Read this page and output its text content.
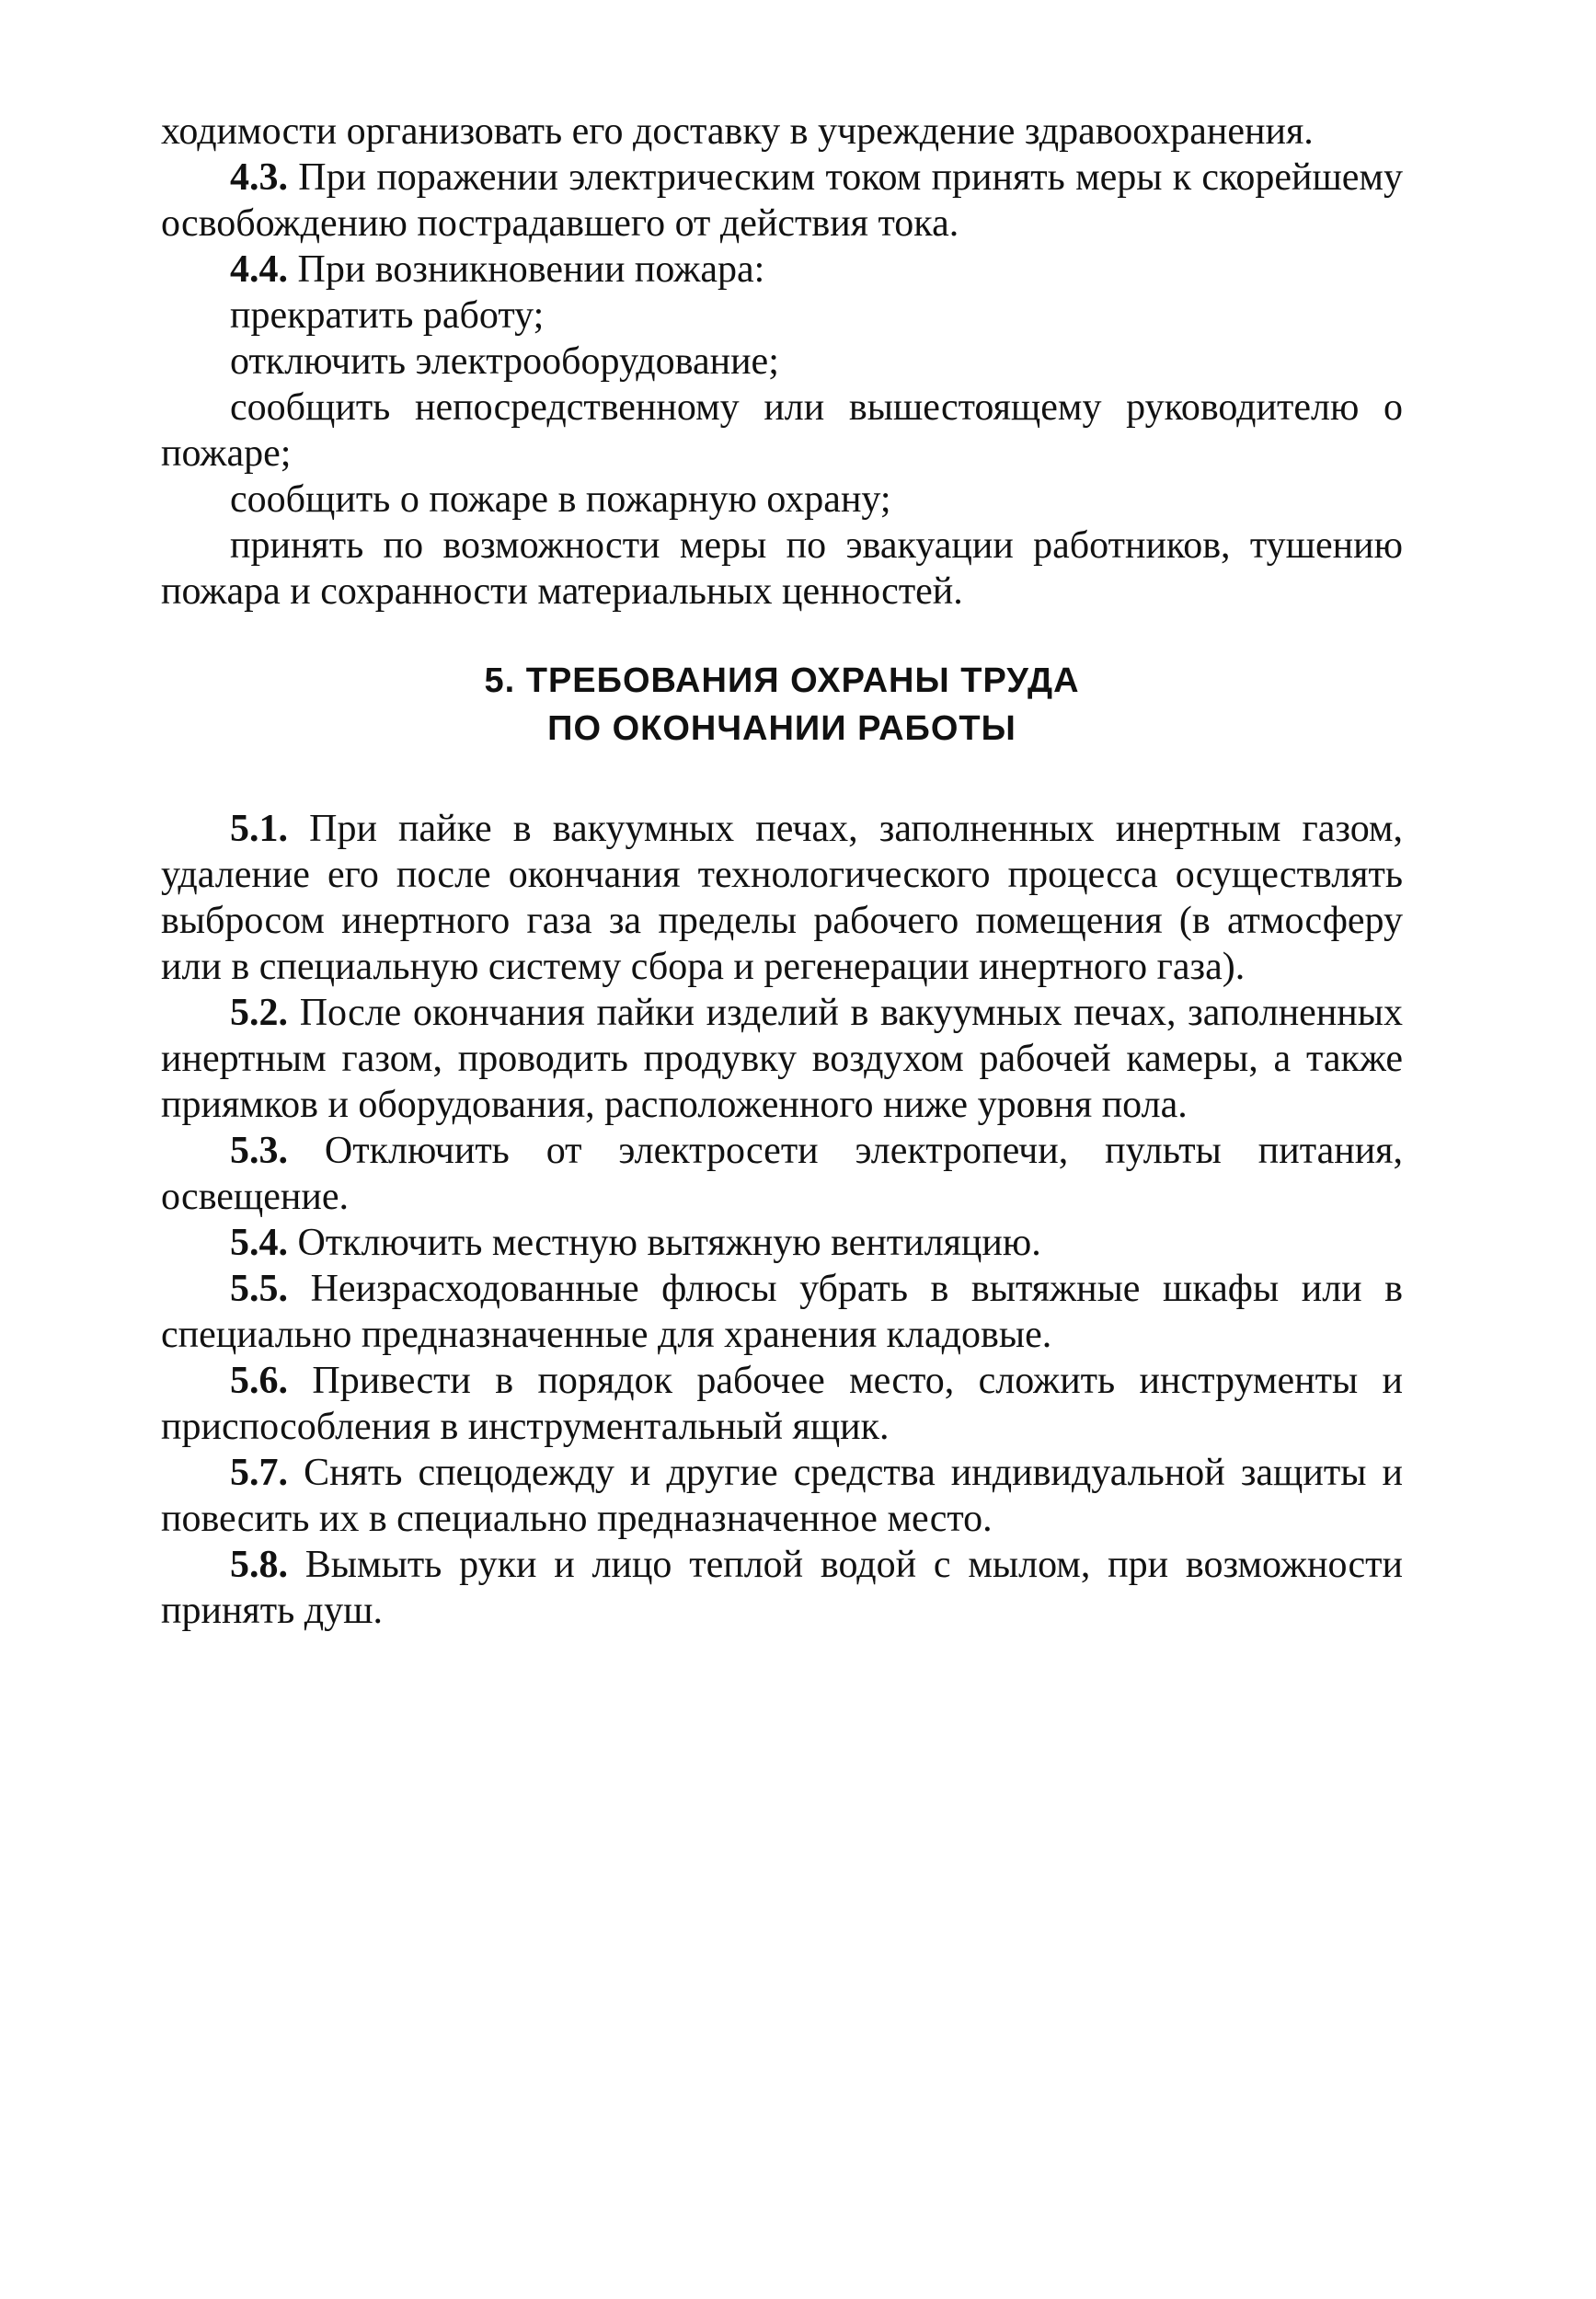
ходимости организовать его доставку в учреждение здравоохранения.

4.3. При поражении электрическим током принять меры к скорейшему освобождению пострадавшего от действия тока.

4.4. При возникновении пожара:

прекратить работу;

отключить электрооборудование;

сообщить непосредственному или вышестоящему руководителю о пожаре;

сообщить о пожаре в пожарную охрану;

принять по возможности меры по эвакуации работников, тушению пожара и сохранности материальных ценностей.

5. ТРЕБОВАНИЯ ОХРАНЫ ТРУДА
ПО ОКОНЧАНИИ РАБОТЫ

5.1. При пайке в вакуумных печах, заполненных инертным газом, удаление его после окончания технологического процесса осуществлять выбросом инертного газа за пределы рабочего помещения (в атмосферу или в специальную систему сбора и регенерации инертного газа).

5.2. После окончания пайки изделий в вакуумных печах, заполненных инертным газом, проводить продувку воздухом рабочей камеры, а также приямков и оборудования, расположенного ниже уровня пола.

5.3. Отключить от электросети электропечи, пульты питания, освещение.

5.4. Отключить местную вытяжную вентиляцию.

5.5. Неизрасходованные флюсы убрать в вытяжные шкафы или в специально предназначенные для хранения кладовые.

5.6. Привести в порядок рабочее место, сложить инструменты и приспособления в инструментальный ящик.

5.7. Снять спецодежду и другие средства индивидуальной защиты и повесить их в специально предназначенное место.

5.8. Вымыть руки и лицо теплой водой с мылом, при возможности принять душ.
